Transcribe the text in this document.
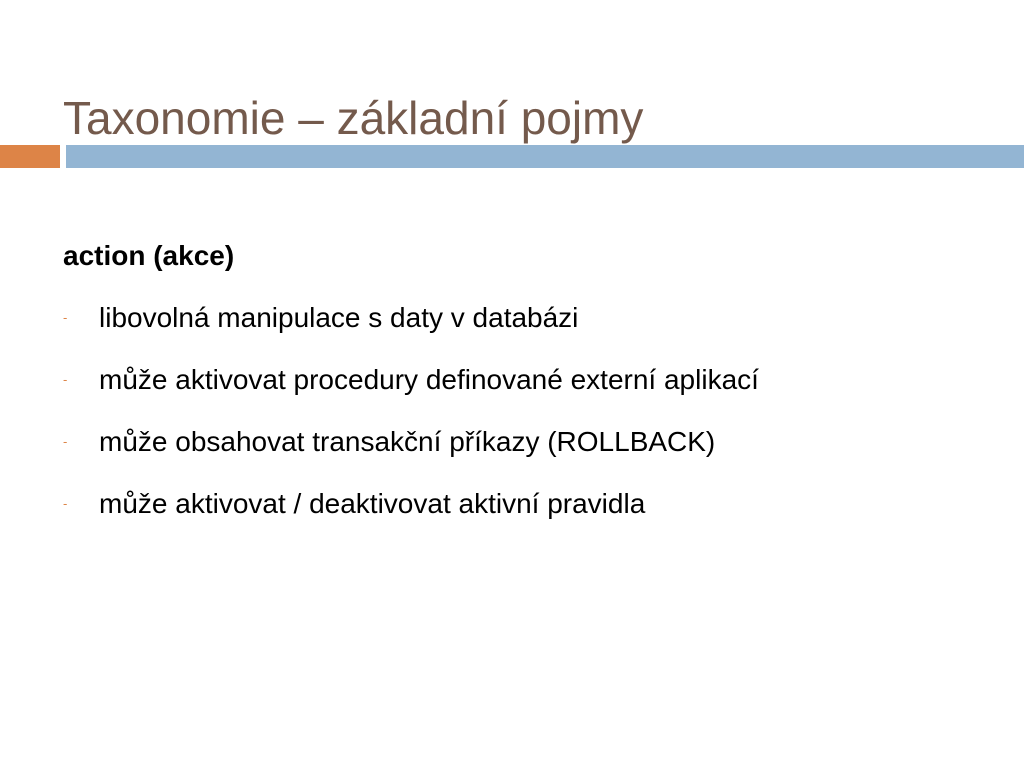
Taxonomie – základní pojmy

action (akce)

- libovolná manipulace s daty v databázi
- může aktivovat procedury definované externí aplikací
- může obsahovat transakční příkazy (ROLLBACK)
- může aktivovat / deaktivovat aktivní pravidla
